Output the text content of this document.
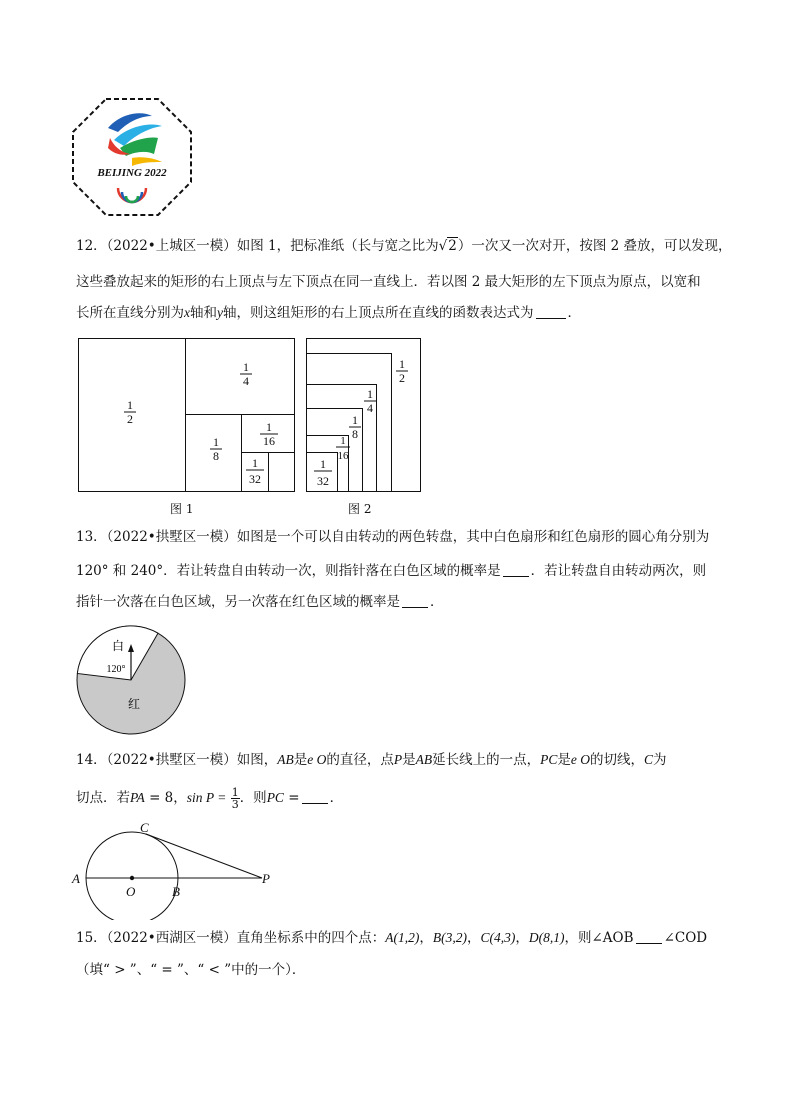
BEIJING 2022
12．（2022•上城区一模）如图 1，把标准纸（长与宽之比为√2）一次又一次对开，按图 2 叠放，可以发现，
这些叠放起来的矩形的右上顶点与左下顶点在同一直线上．若以图 2 最大矩形的左下顶点为原点，以宽和
长所在直线分别为x轴和y轴，则这组矩形的右上顶点所在直线的函数表达式为	．
1
2
1
4
1
8
1
16
1
32
图 1
1
2
1
4
1
8
1
16
1
32
图 2
13．（2022•拱墅区一模）如图是一个可以自由转动的两色转盘，其中白色扇形和红色扇形的圆心角分别为
120° 和 240°．若让转盘自由转动一次，则指针落在白色区域的概率是 ．若让转盘自由转动两次，则
指针一次落在白色区域，另一次落在红色区域的概率是 ．
白
120°
红
14．（2022•拱墅区一模）如图，AB是e O的直径，点P是AB延长线上的一点，PC是e O的切线，C为
切点．若PA = 8，$\sin P = \frac{1}{3}$ ．则PC = ．
A
O	B
C
P
15．（2022•西湖区一模）直角坐标系中的四个点：A(1,2)，B(3,2)，C(4,3)，D(8,1)，则∠AOB ∠COD
（填“ > ”、“ = ”、“ < ”中的一个）．
